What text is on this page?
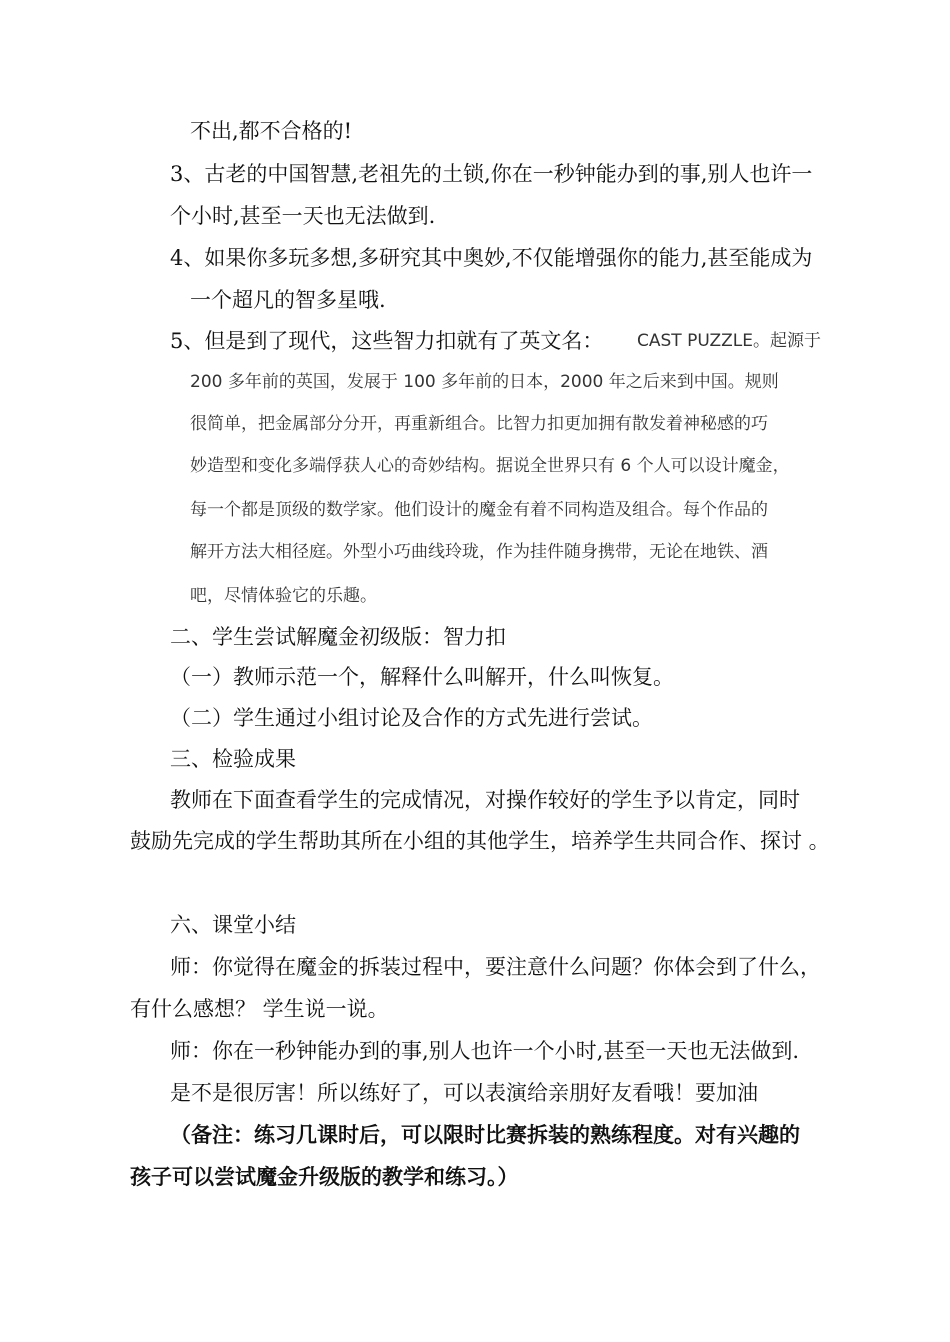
不出,都不合格的!
3、古老的中国智慧,老祖先的土锁,你在一秒钟能办到的事,别人也许一
个小时,甚至一天也无法做到.
4、如果你多玩多想,多研究其中奥妙,不仅能增强你的能力,甚至能成为
一个超凡的智多星哦.
5、但是到了现代，这些智力扣就有了英文名： CAST PUZZLE。起源于
200 多年前的英国，发展于 100 多年前的日本，2000 年之后来到中国。规则
很简单，把金属部分分开，再重新组合。比智力扣更加拥有散发着神秘感的巧
妙造型和变化多端俘获人心的奇妙结构。据说全世界只有 6 个人可以设计魔金，
每一个都是顶级的数学家。他们设计的魔金有着不同构造及组合。每个作品的
解开方法大相径庭。外型小巧曲线玲珑，作为挂件随身携带，无论在地铁、酒
吧，尽情体验它的乐趣。
二、学生尝试解魔金初级版：智力扣
（一）教师示范一个，解释什么叫解开，什么叫恢复。
（二）学生通过小组讨论及合作的方式先进行尝试。
三、检验成果
教师在下面查看学生的完成情况，对操作较好的学生予以肯定，同时
鼓励先完成的学生帮助其所在小组的其他学生，培养学生共同合作、探讨 。
六、课堂小结
师：你觉得在魔金的拆装过程中，要注意什么问题？你体会到了什么，
有什么感想？ 学生说一说。
师：你在一秒钟能办到的事,别人也许一个小时,甚至一天也无法做到.
是不是很厉害！所以练好了，可以表演给亲朋好友看哦！要加油
（备注：练习几课时后，可以限时比赛拆装的熟练程度。对有兴趣的
孩子可以尝试魔金升级版的教学和练习。）
